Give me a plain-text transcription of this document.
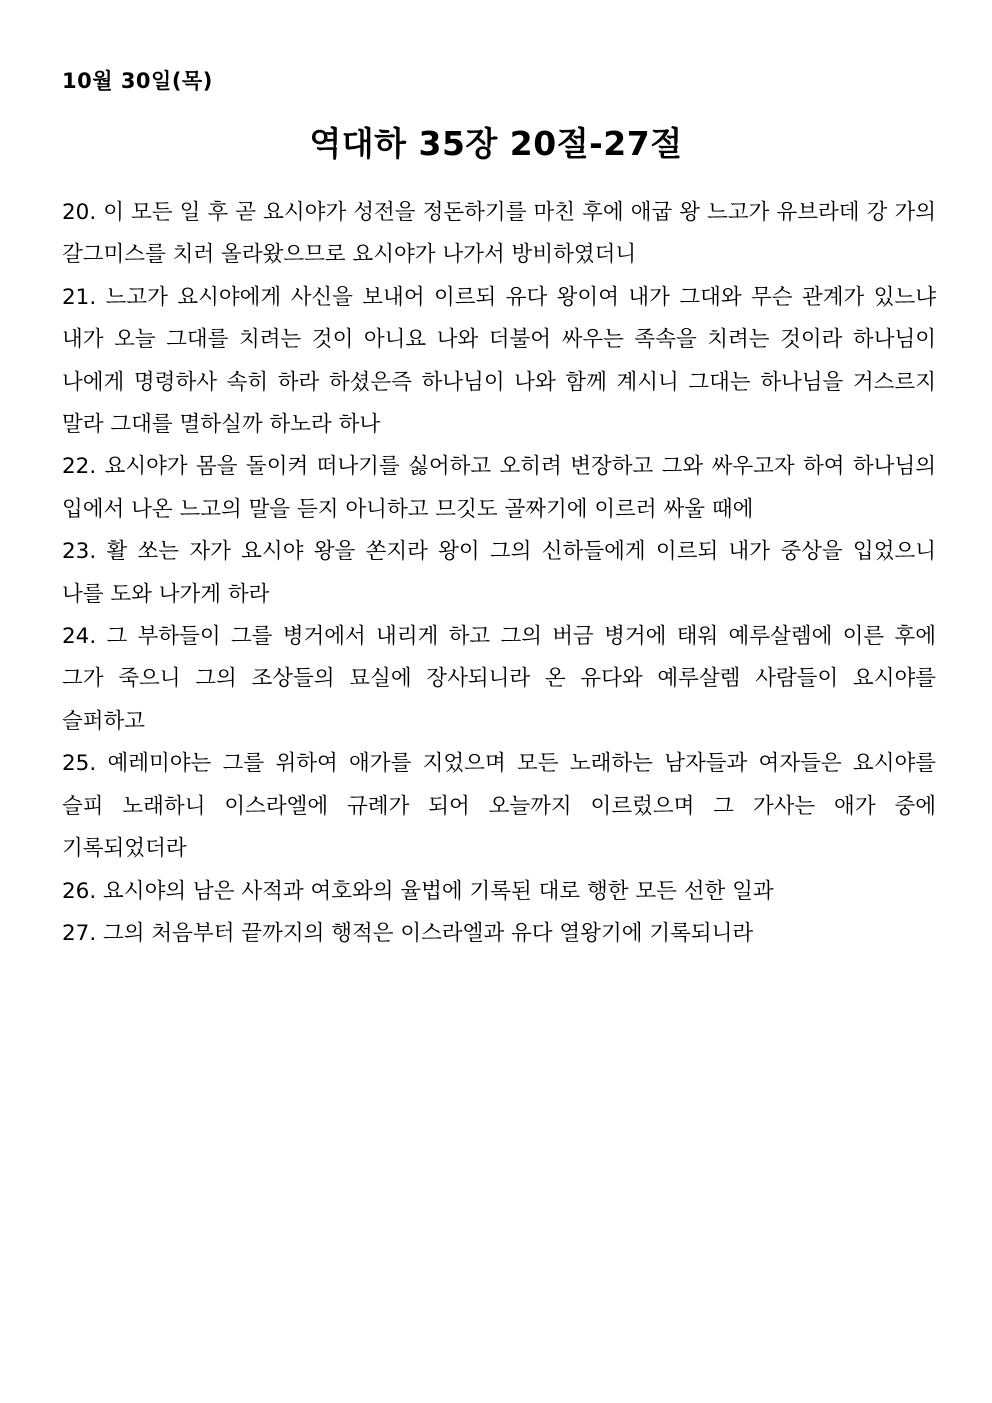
10월 30일(목)
역대하 35장 20절-27절

20. 이 모든 일 후 곧 요시야가 성전을 정돈하기를 마친 후에 애굽 왕 느고가 유브라데 강 가의 갈그미스를 치러 올라왔으므로 요시야가 나가서 방비하였더니

21. 느고가 요시야에게 사신을 보내어 이르되 유다 왕이여 내가 그대와 무슨 관계가 있느냐 내가 오늘 그대를 치려는 것이 아니요 나와 더불어 싸우는 족속을 치려는 것이라 하나님이 나에게 명령하사 속히 하라 하셨은즉 하나님이 나와 함께 계시니 그대는 하나님을 거스르지 말라 그대를 멸하실까 하노라 하나

22. 요시야가 몸을 돌이켜 떠나기를 싫어하고 오히려 변장하고 그와 싸우고자 하여 하나님의 입에서 나온 느고의 말을 듣지 아니하고 므깃도 골짜기에 이르러 싸울 때에

23. 활 쏘는 자가 요시야 왕을 쏜지라 왕이 그의 신하들에게 이르되 내가 중상을 입었으니 나를 도와 나가게 하라

24. 그 부하들이 그를 병거에서 내리게 하고 그의 버금 병거에 태워 예루살렘에 이른 후에 그가 죽으니 그의 조상들의 묘실에 장사되니라 온 유다와 예루살렘 사람들이 요시야를 슬퍼하고

25. 예레미야는 그를 위하여 애가를 지었으며 모든 노래하는 남자들과 여자들은 요시야를 슬피 노래하니 이스라엘에 규례가 되어 오늘까지 이르렀으며 그 가사는 애가 중에 기록되었더라

26. 요시야의 남은 사적과 여호와의 율법에 기록된 대로 행한 모든 선한 일과

27. 그의 처음부터 끝까지의 행적은 이스라엘과 유다 열왕기에 기록되니라
